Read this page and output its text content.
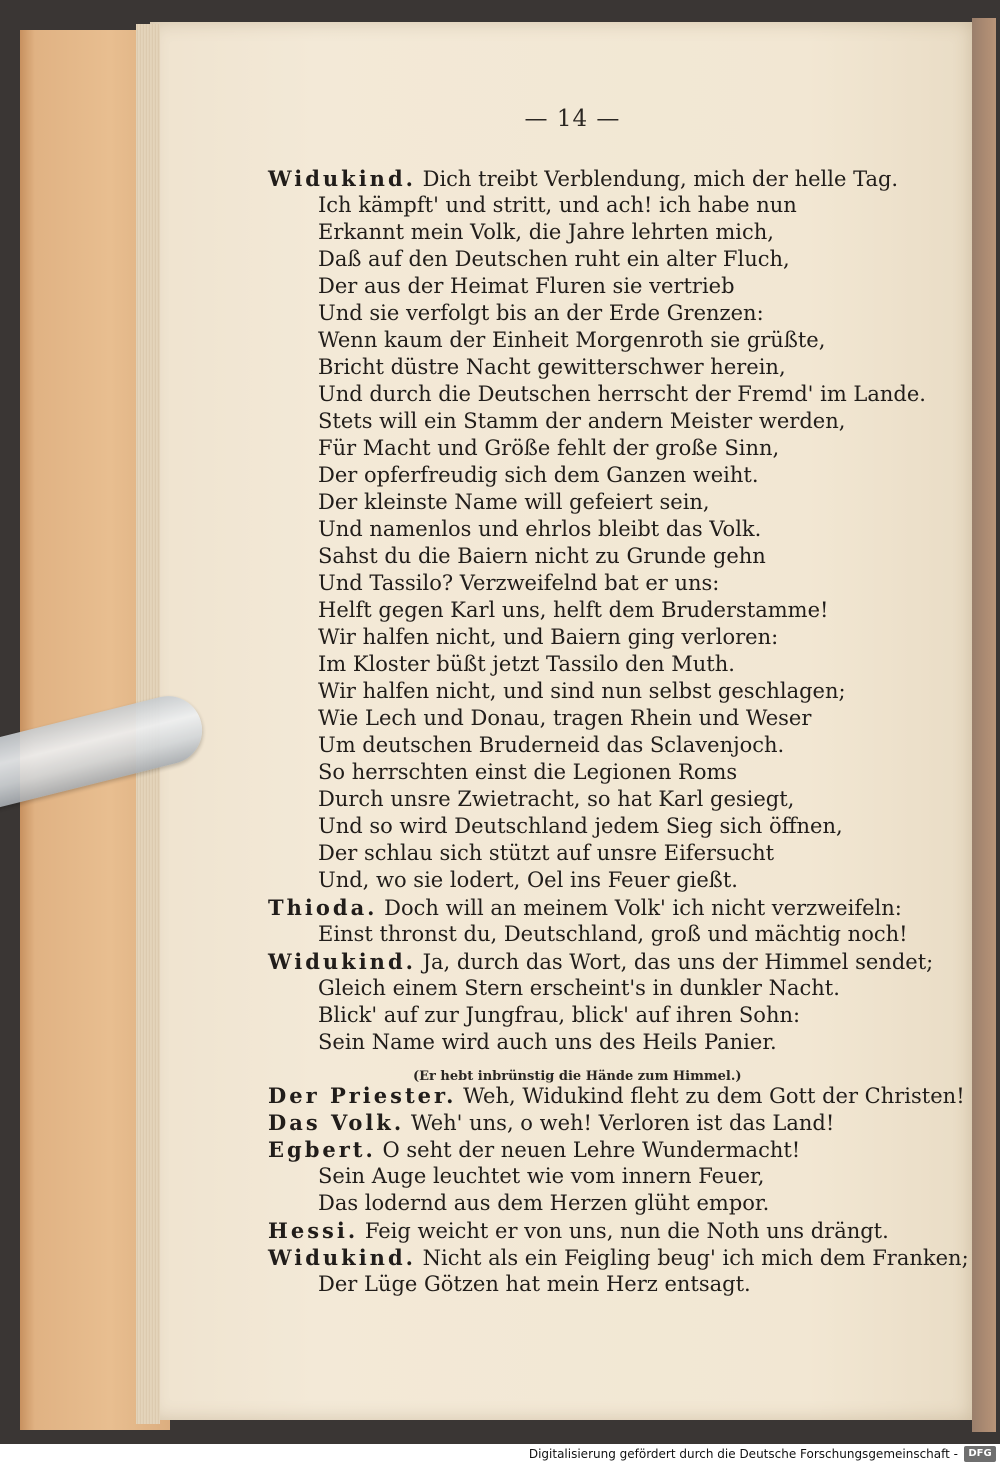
— 14 —
Widukind. Dich treibt Verblendung, mich der helle Tag.
Ich kämpft' und stritt, und ach! ich habe nun
Erkannt mein Volk, die Jahre lehrten mich,
Daß auf den Deutschen ruht ein alter Fluch,
Der aus der Heimat Fluren sie vertrieb
Und sie verfolgt bis an der Erde Grenzen:
Wenn kaum der Einheit Morgenroth sie grüßte,
Bricht düstre Nacht gewitterschwer herein,
Und durch die Deutschen herrscht der Fremd' im Lande.
Stets will ein Stamm der andern Meister werden,
Für Macht und Größe fehlt der große Sinn,
Der opferfreudig sich dem Ganzen weiht.
Der kleinste Name will gefeiert sein,
Und namenlos und ehrlos bleibt das Volk.
Sahst du die Baiern nicht zu Grunde gehn
Und Tassilo? Verzweifelnd bat er uns:
Helft gegen Karl uns, helft dem Bruderstamme!
Wir halfen nicht, und Baiern ging verloren:
Im Kloster büßt jetzt Tassilo den Muth.
Wir halfen nicht, und sind nun selbst geschlagen;
Wie Lech und Donau, tragen Rhein und Weser
Um deutschen Bruderneid das Sclavenjoch.
So herrschten einst die Legionen Roms
Durch unsre Zwietracht, so hat Karl gesiegt,
Und so wird Deutschland jedem Sieg sich öffnen,
Der schlau sich stützt auf unsre Eifersucht
Und, wo sie lodert, Oel ins Feuer gießt.
Thioda. Doch will an meinem Volk' ich nicht verzweifeln:
Einst thronst du, Deutschland, groß und mächtig noch!
Widukind. Ja, durch das Wort, das uns der Himmel sendet;
Gleich einem Stern erscheint's in dunkler Nacht.
Blick' auf zur Jungfrau, blick' auf ihren Sohn:
Sein Name wird auch uns des Heils Panier.
Der Priester. Weh, Widukind fleht zu dem Gott der Christen!
Das Volk. Weh' uns, o weh! Verloren ist das Land!
Egbert. O seht der neuen Lehre Wundermacht!
Sein Auge leuchtet wie vom innern Feuer,
Das lodernd aus dem Herzen glüht empor.
Hessi. Feig weicht er von uns, nun die Noth uns drängt.
Widukind. Nicht als ein Feigling beug' ich mich dem Franken;
Der Lüge Götzen hat mein Herz entsagt.
(Er hebt inbrünstig die Hände zum Himmel.)
Digitalisierung gefördert durch die Deutsche Forschungsgemeinschaft -	DFG
